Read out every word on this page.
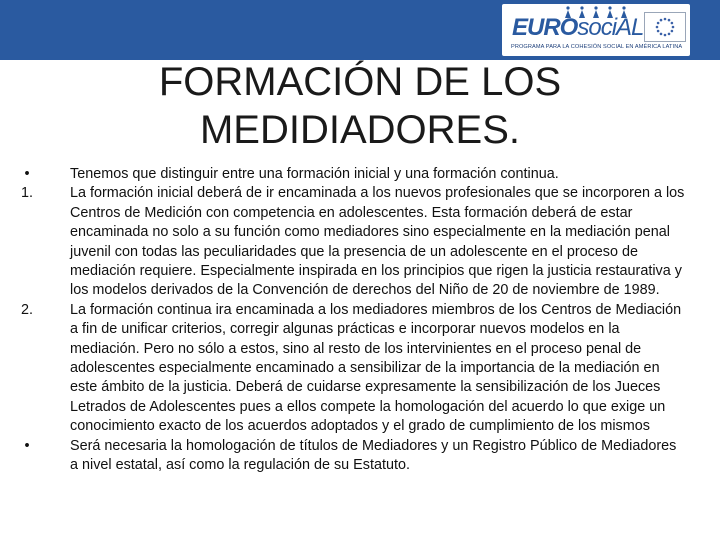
EUROsociAL
PROGRAMA PARA LA COHESIÓN SOCIAL EN AMÉRICA LATINA
FORMACIÓN DE LOS
MEDIDIADORES.
•	Tenemos que distinguir entre una formación inicial y una formación continua.
1.	La formación inicial deberá de ir encaminada a los nuevos profesionales que se incorporen a los Centros de Medición con competencia en adolescentes. Esta formación deberá de estar encaminada no solo a su función como mediadores sino especialmente en la mediación penal juvenil con todas las peculiaridades que la presencia de un adolescente en el proceso de mediación requiere. Especialmente inspirada en los principios que rigen la justicia restaurativa y los modelos derivados de la Convención de derechos del Niño de 20 de noviembre de 1989.
2.	La formación continua ira encaminada a los mediadores miembros de los Centros de Mediación a fin de unificar criterios, corregir algunas prácticas e incorporar nuevos modelos en la mediación. Pero no sólo a estos, sino al resto de los intervinientes en el proceso penal de adolescentes especialmente encaminado a sensibilizar de la importancia de la mediación en este ámbito de la justicia. Deberá de cuidarse expresamente la sensibilización de los Jueces Letrados de Adolescentes pues a ellos compete la homologación del acuerdo lo que exige un conocimiento exacto de los acuerdos adoptados y el grado de cumplimiento de los mismos
•	Será necesaria la homologación de títulos de Mediadores y un Registro Público de Mediadores a nivel estatal, así como la regulación de su Estatuto.
